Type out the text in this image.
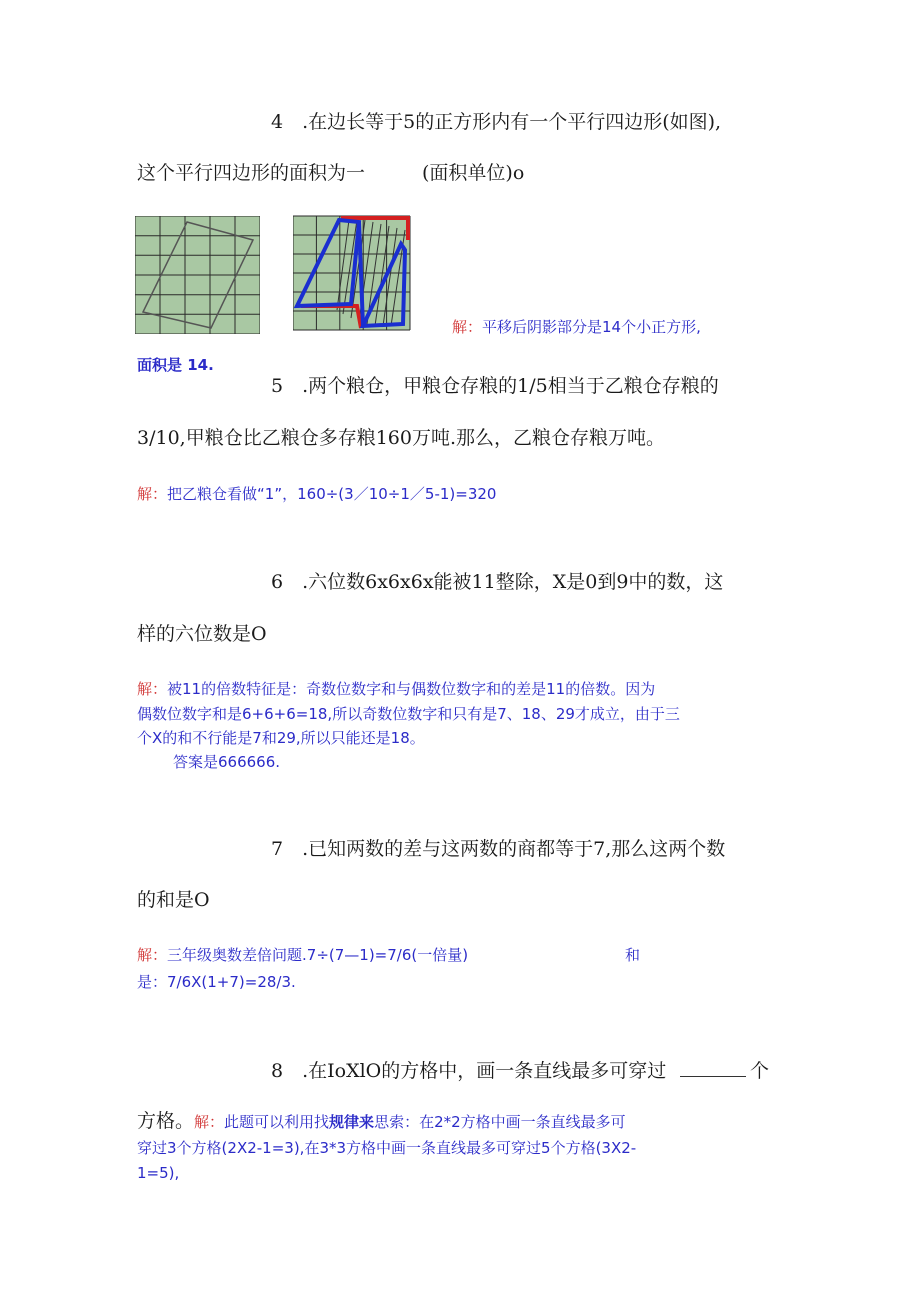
4　.在边长等于5的正方形内有一个平行四边形(如图),
这个平行四边形的面积为一　　　(面积单位)o
解：平移后阴影部分是14个小正方形,
面积是 14.
5　.两个粮仓，甲粮仓存粮的1/5相当于乙粮仓存粮的
3/10,甲粮仓比乙粮仓多存粮160万吨.那么，乙粮仓存粮万吨。
解：把乙粮仓看做“1”，160÷(3／10÷1／5-1)=320
6　.六位数6x6x6x能被11整除，X是0到9中的数，这
样的六位数是O
解：被11的倍数特征是：奇数位数字和与偶数位数字和的差是11的倍数。因为
偶数位数字和是6+6+6=18,所以奇数位数字和只有是7、18、29才成立，由于三
个X的和不行能是7和29,所以只能还是18。
答案是666666.
7　.已知两数的差与这两数的商都等于7,那么这两个数
的和是O
解：三年级奥数差倍问题.7÷(7—1)=7/6(一倍量)	和
是：7/6X(1+7)=28/3.
8　.在IoXlO的方格中，画一条直线最多可穿过	个
方格。解：此题可以利用找规律来思索：在2*2方格中画一条直线最多可
穿过3个方格(2X2-1=3),在3*3方格中画一条直线最多可穿过5个方格(3X2-
1=5),
